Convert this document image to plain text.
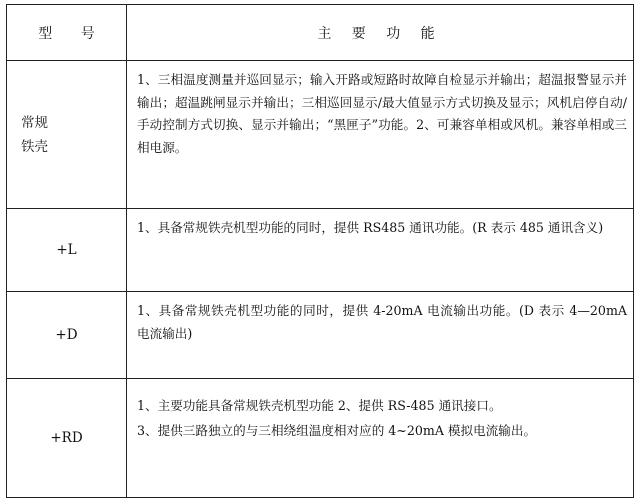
型 号	主 要 功 能

常规
铁壳	1、三相温度测量并巡回显示；输入开路或短路时故障自检显示并输出；超温报警显示并输出；超温跳闸显示并输出；三相巡回显示/最大值显示方式切换及显示；风机启停自动/手动控制方式切换、显示并输出；“黑匣子”功能。2、可兼容单相或风机。兼容单相或三相电源。

+L	1、具备常规铁壳机型功能的同时，提供 RS485 通讯功能。(R 表示 485 通讯含义)

+D	1、具备常规铁壳机型功能的同时，提供 4-20mA 电流输出功能。(D 表示 4—20mA 电流输出)

+RD	1、主要功能具备常规铁壳机型功能 2、提供 RS-485 通讯接口。

3、提供三路独立的与三相绕组温度相对应的 4~20mA 模拟电流输出。
